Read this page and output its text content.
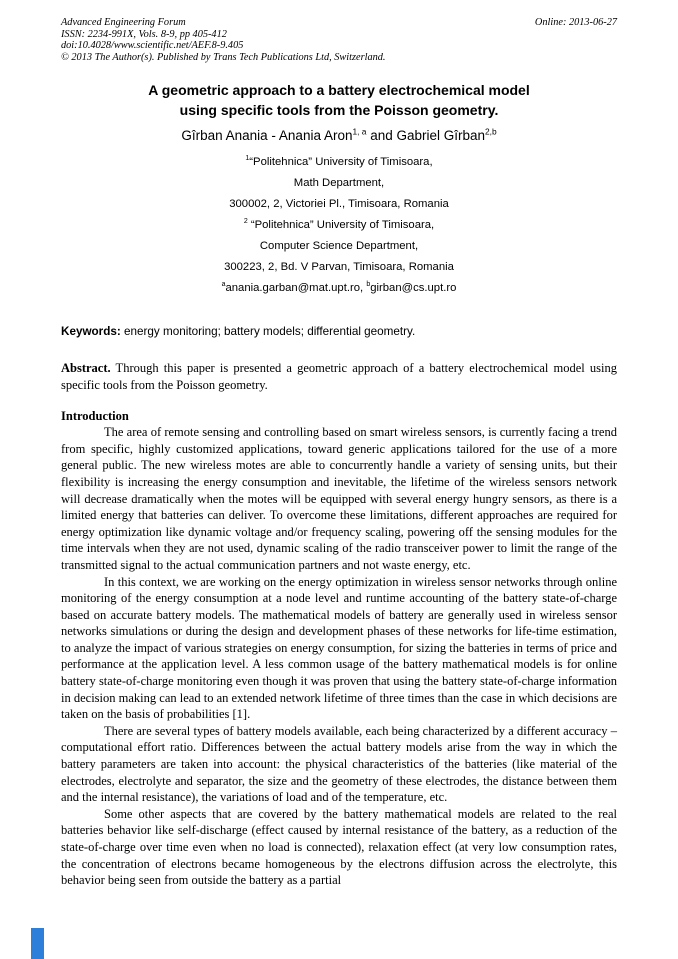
Advanced Engineering Forum
ISSN: 2234-991X, Vols. 8-9, pp 405-412
doi:10.4028/www.scientific.net/AEF.8-9.405
© 2013 The Author(s). Published by Trans Tech Publications Ltd, Switzerland.
Online: 2013-06-27
A geometric approach to a battery electrochemical model
using specific tools from the Poisson geometry.
Gîrban Anania - Anania Aron$^{1, a}$ and Gabriel Gîrban$^{2,b}$
$^1$“Politehnica” University of Timisoara,
Math Department,
300002, 2, Victoriei Pl., Timisoara, Romania
$^2$ “Politehnica” University of Timisoara,
Computer Science Department,
300223, 2, Bd. V Parvan, Timisoara, Romania
$^a$anania.garban@mat.upt.ro, $^b$girban@cs.upt.ro
Keywords: energy monitoring; battery models; differential geometry.
Abstract. Through this paper is presented a geometric approach of a battery electrochemical model using specific tools from the Poisson geometry.
Introduction

The area of remote sensing and controlling based on smart wireless sensors, is currently facing a trend from specific, highly customized applications, toward generic applications tailored for the use of a more general public. The new wireless motes are able to concurrently handle a variety of sensing units, but their flexibility is increasing the energy consumption and inevitable, the lifetime of the wireless sensors network will decrease dramatically when the motes will be equipped with several energy hungry sensors, as there is a limited energy that batteries can deliver. To overcome these limitations, different approaches are required for energy optimization like dynamic voltage and/or frequency scaling, powering off the sensing modules for the time intervals when they are not used, dynamic scaling of the radio transceiver power to limit the range of the transmitted signal to the actual communication partners and not waste energy, etc.

In this context, we are working on the energy optimization in wireless sensor networks through online monitoring of the energy consumption at a node level and runtime accounting of the battery state-of-charge based on accurate battery models. The mathematical models of battery are generally used in wireless sensor networks simulations or during the design and development phases of these networks for life-time estimation, to analyze the impact of various strategies on energy consumption, for sizing the batteries in terms of price and performance at the application level. A less common usage of the battery mathematical models is for online battery state-of-charge monitoring even though it was proven that using the battery state-of-charge information in decision making can lead to an extended network lifetime of three times than the case in which decisions are taken on the basis of probabilities [1].

There are several types of battery models available, each being characterized by a different accuracy – computational effort ratio. Differences between the actual battery models arise from the way in which the battery parameters are taken into account: the physical characteristics of the batteries (like material of the electrodes, electrolyte and separator, the size and the geometry of these electrodes, the distance between them and the internal resistance), the variations of load and of the temperature, etc.

Some other aspects that are covered by the battery mathematical models are related to the real batteries behavior like self-discharge (effect caused by internal resistance of the battery, as a reduction of the state-of-charge over time even when no load is connected), relaxation effect (at very low consumption rates, the concentration of electrons became homogeneous by the electrons diffusion across the electrolyte, this behavior being seen from outside the battery as a partial
